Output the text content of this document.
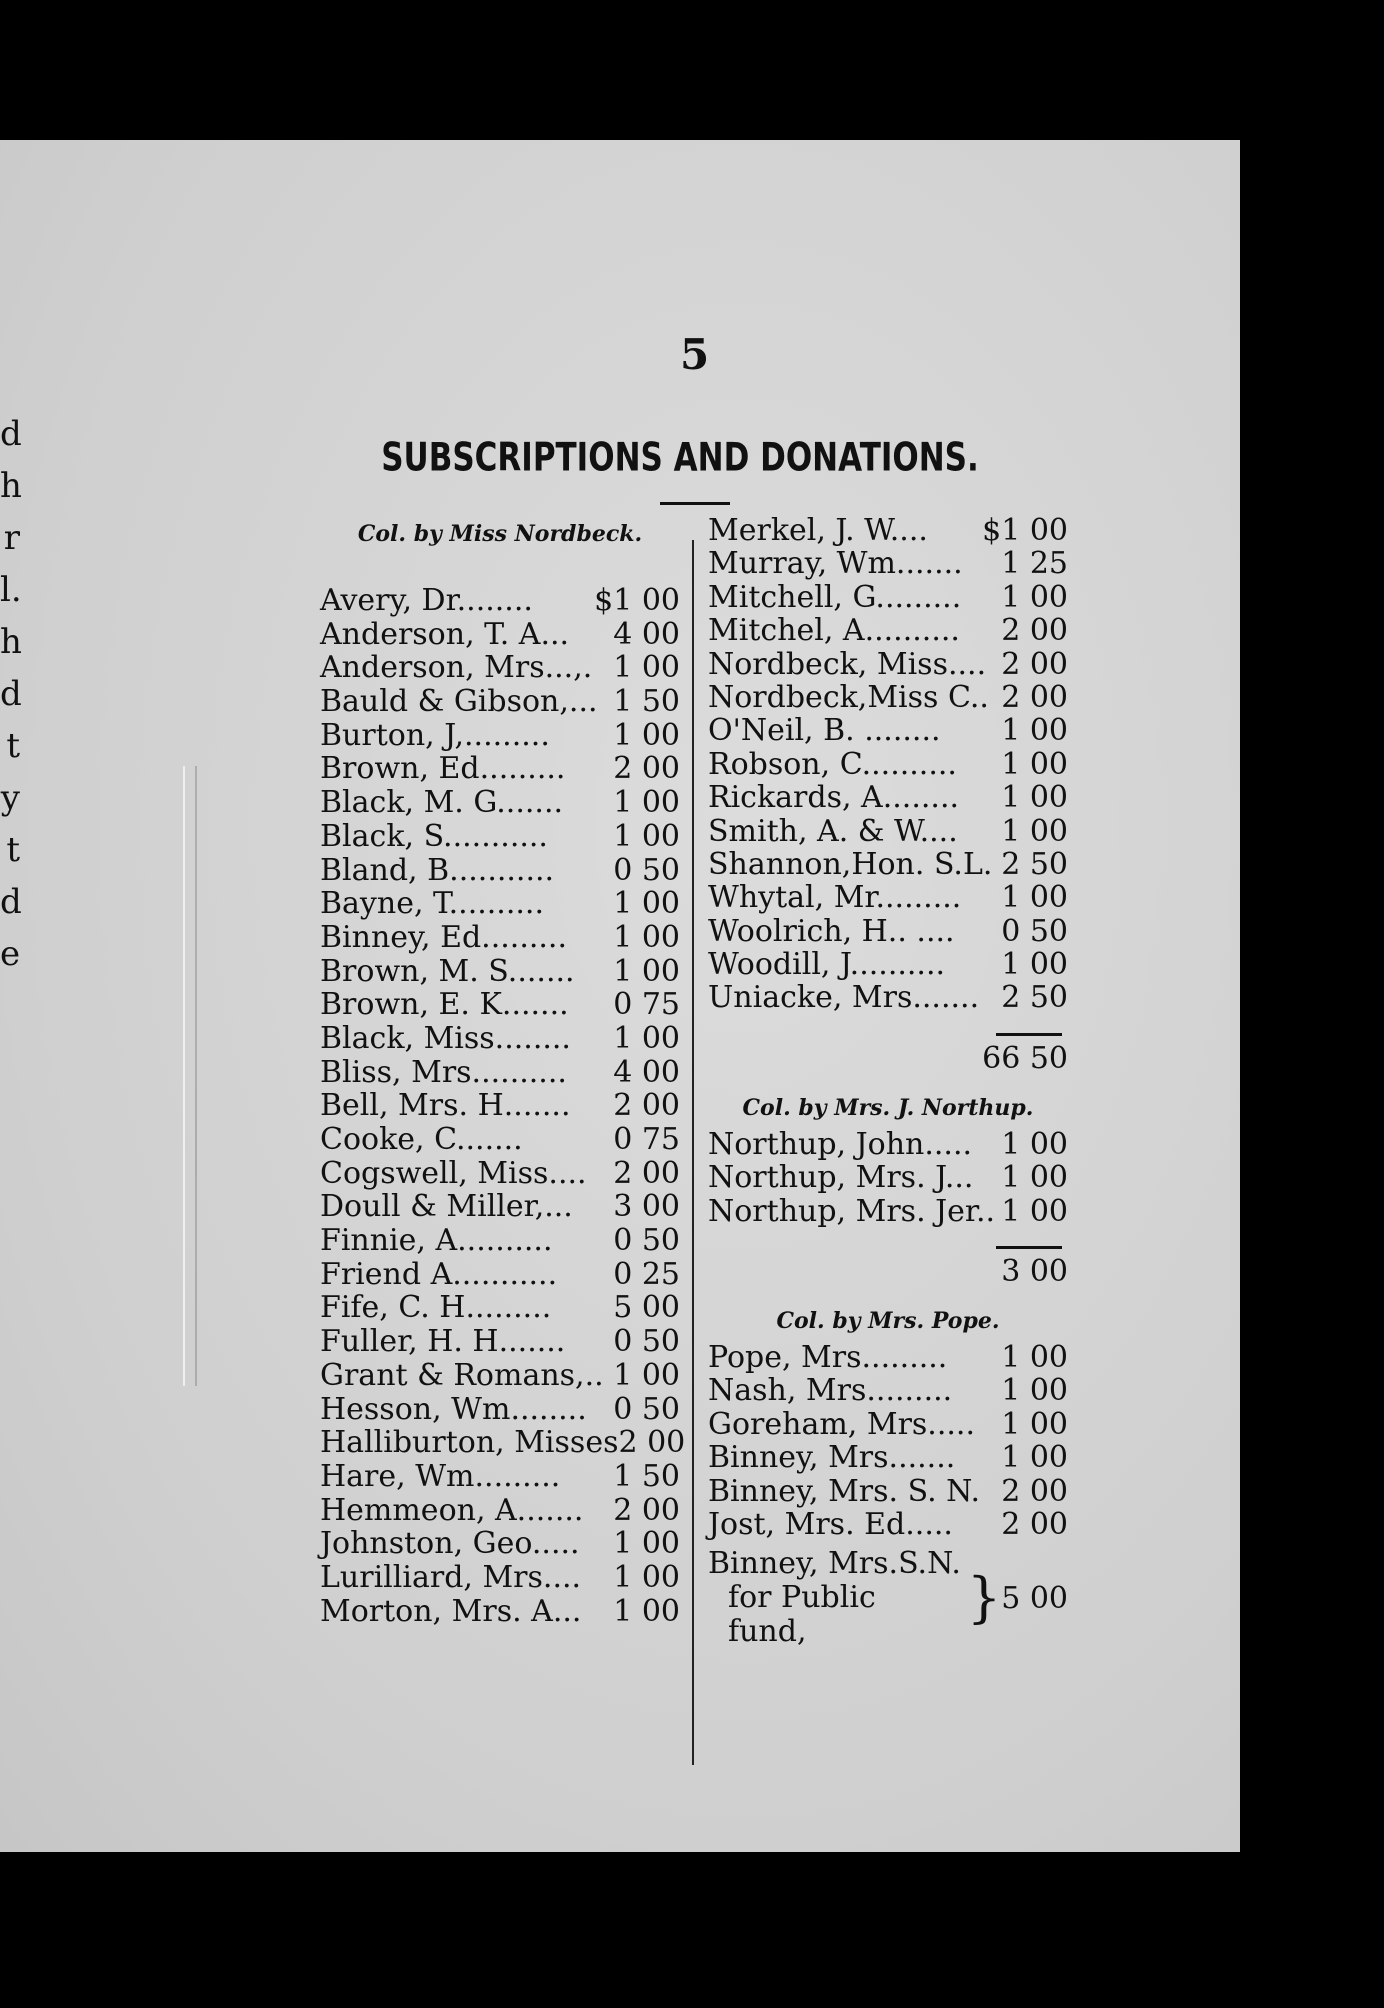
d
h
r
l.
h
d
t
y
t
d
e
5
SUBSCRIPTIONS AND DONATIONS.
Col. by Miss Nordbeck.
Avery, Dr........ $1 00
Anderson, T. A... 4 00
Anderson, Mrs...,. 1 00
Bauld & Gibson,... 1 50
Burton, J,......... 1 00
Brown, Ed......... 2 00
Black, M. G....... 1 00
Black, S........... 1 00
Bland, B........... 0 50
Bayne, T.......... 1 00
Binney, Ed......... 1 00
Brown, M. S....... 1 00
Brown, E. K....... 0 75
Black, Miss........ 1 00
Bliss, Mrs.......... 4 00
Bell, Mrs. H....... 2 00
Cooke, C.......	0 75
Cogswell, Miss.... 2 00
Doull & Miller,... 3 00
Finnie, A.......... 0 50
Friend A........... 0 25
Fife, C. H......... 5 00
Fuller, H. H....... 0 50
Grant & Romans,.. 1 00
Hesson, Wm........ 0 50
Halliburton, Misses 2 00
Hare, Wm......... 1 50
Hemmeon, A....... 2 00
Johnston, Geo..... 1 00
Lurilliard, Mrs.... 1 00
Morton, Mrs. A... 1 00
Merkel, J. W.... $1 00
Murray, Wm....... 1 25
Mitchell, G......... 1 00
Mitchel, A.......... 2 00
Nordbeck, Miss.... 2 00
Nordbeck,Miss C.. 2 00
O'Neil, B. ........ 1 00
Robson, C.......... 1 00
Rickards, A........ 1 00
Smith, A. & W.... 1 00
Shannon,Hon. S.L. 2 50
Whytal, Mr......... 1 00
Woolrich, H.. .... 0 50
Woodill, J.......... 1 00
Uniacke, Mrs....... 2 50
66 50
Col. by Mrs. J. Northup.
Northup, John..... 1 00
Northup, Mrs. J... 1 00
Northup, Mrs. Jer.. 1 00
3 00
Col. by Mrs. Pope.
Pope, Mrs......... 1 00
Nash, Mrs......... 1 00
Goreham, Mrs..... 1 00
Binney, Mrs....... 1 00
Binney, Mrs. S. N. 2 00
Jost, Mrs. Ed..... 2 00
Binney, Mrs.S.N.
for Public fund,
} 5 00
